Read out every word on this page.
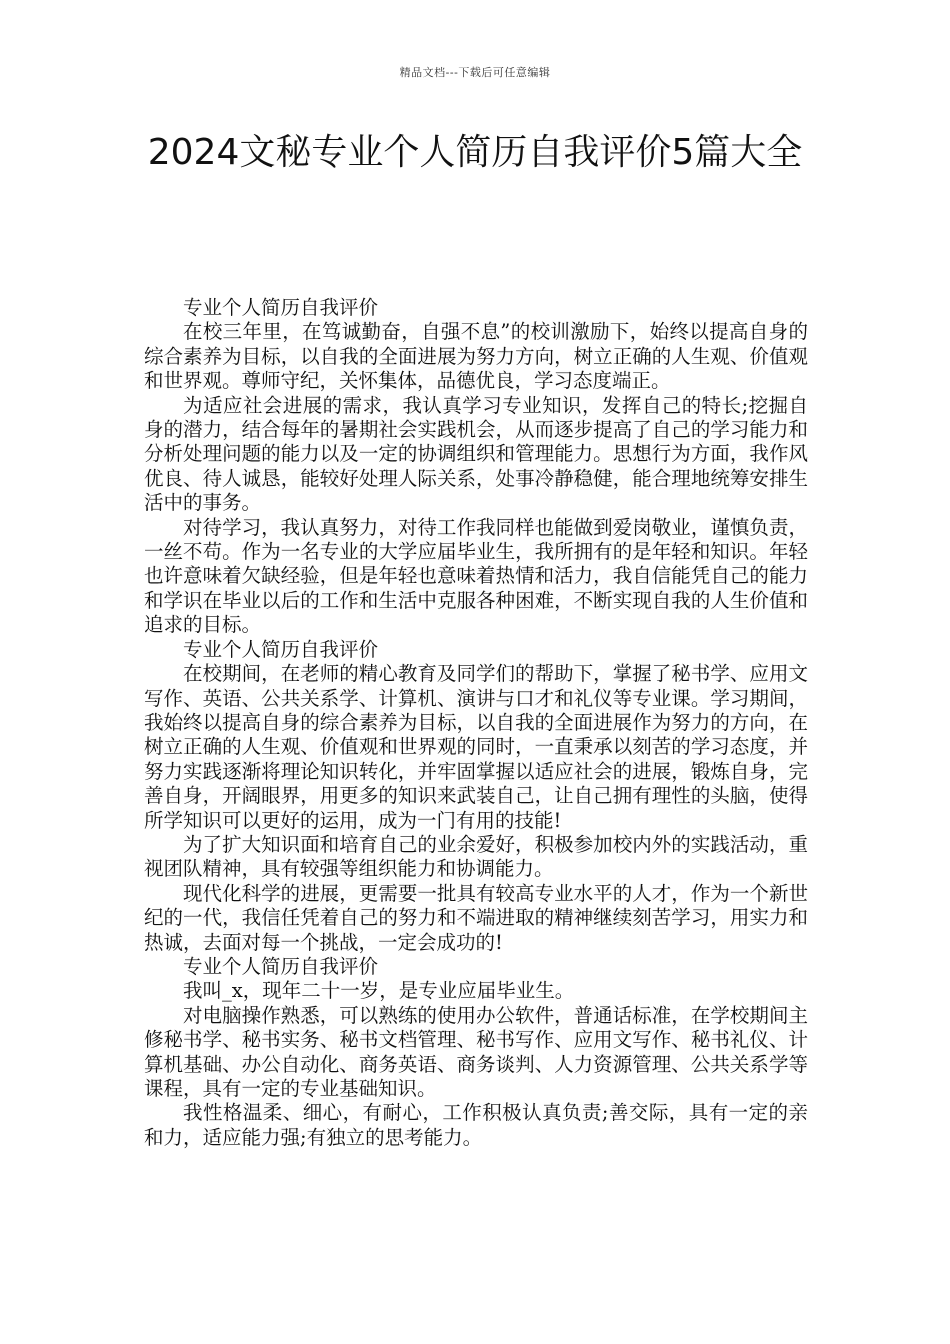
精品文档---下载后可任意编辑
2024文秘专业个人简历自我评价5篇大全

专业个人简历自我评价

在校三年里，在笃诚勤奋，自强不息”的校训激励下，始终以提高自身的综合素养为目标，以自我的全面进展为努力方向，树立正确的人生观、价值观和世界观。尊师守纪，关怀集体，品德优良，学习态度端正。

为适应社会进展的需求，我认真学习专业知识，发挥自己的特长;挖掘自身的潜力，结合每年的暑期社会实践机会，从而逐步提高了自己的学习能力和分析处理问题的能力以及一定的协调组织和管理能力。思想行为方面，我作风优良、待人诚恳，能较好处理人际关系，处事冷静稳健，能合理地统筹安排生活中的事务。

对待学习，我认真努力，对待工作我同样也能做到爱岗敬业，谨慎负责，一丝不苟。作为一名专业的大学应届毕业生，我所拥有的是年轻和知识。年轻也许意味着欠缺经验，但是年轻也意味着热情和活力，我自信能凭自己的能力和学识在毕业以后的工作和生活中克服各种困难，不断实现自我的人生价值和追求的目标。

专业个人简历自我评价

在校期间，在老师的精心教育及同学们的帮助下，掌握了秘书学、应用文写作、英语、公共关系学、计算机、演讲与口才和礼仪等专业课。学习期间，我始终以提高自身的综合素养为目标，以自我的全面进展作为努力的方向，在树立正确的人生观、价值观和世界观的同时，一直秉承以刻苦的学习态度，并努力实践逐渐将理论知识转化，并牢固掌握以适应社会的进展，锻炼自身，完善自身，开阔眼界，用更多的知识来武装自己，让自己拥有理性的头脑，使得所学知识可以更好的运用，成为一门有用的技能!

为了扩大知识面和培育自己的业余爱好，积极参加校内外的实践活动，重视团队精神，具有较强等组织能力和协调能力。

现代化科学的进展，更需要一批具有较高专业水平的人才，作为一个新世纪的一代，我信任凭着自己的努力和不端进取的精神继续刻苦学习，用实力和热诚，去面对每一个挑战，一定会成功的!

专业个人简历自我评价

我叫_x，现年二十一岁，是专业应届毕业生。

对电脑操作熟悉，可以熟练的使用办公软件，普通话标准，在学校期间主修秘书学、秘书实务、秘书文档管理、秘书写作、应用文写作、秘书礼仪、计算机基础、办公自动化、商务英语、商务谈判、人力资源管理、公共关系学等课程，具有一定的专业基础知识。

我性格温柔、细心，有耐心，工作积极认真负责;善交际，具有一定的亲和力，适应能力强;有独立的思考能力。
